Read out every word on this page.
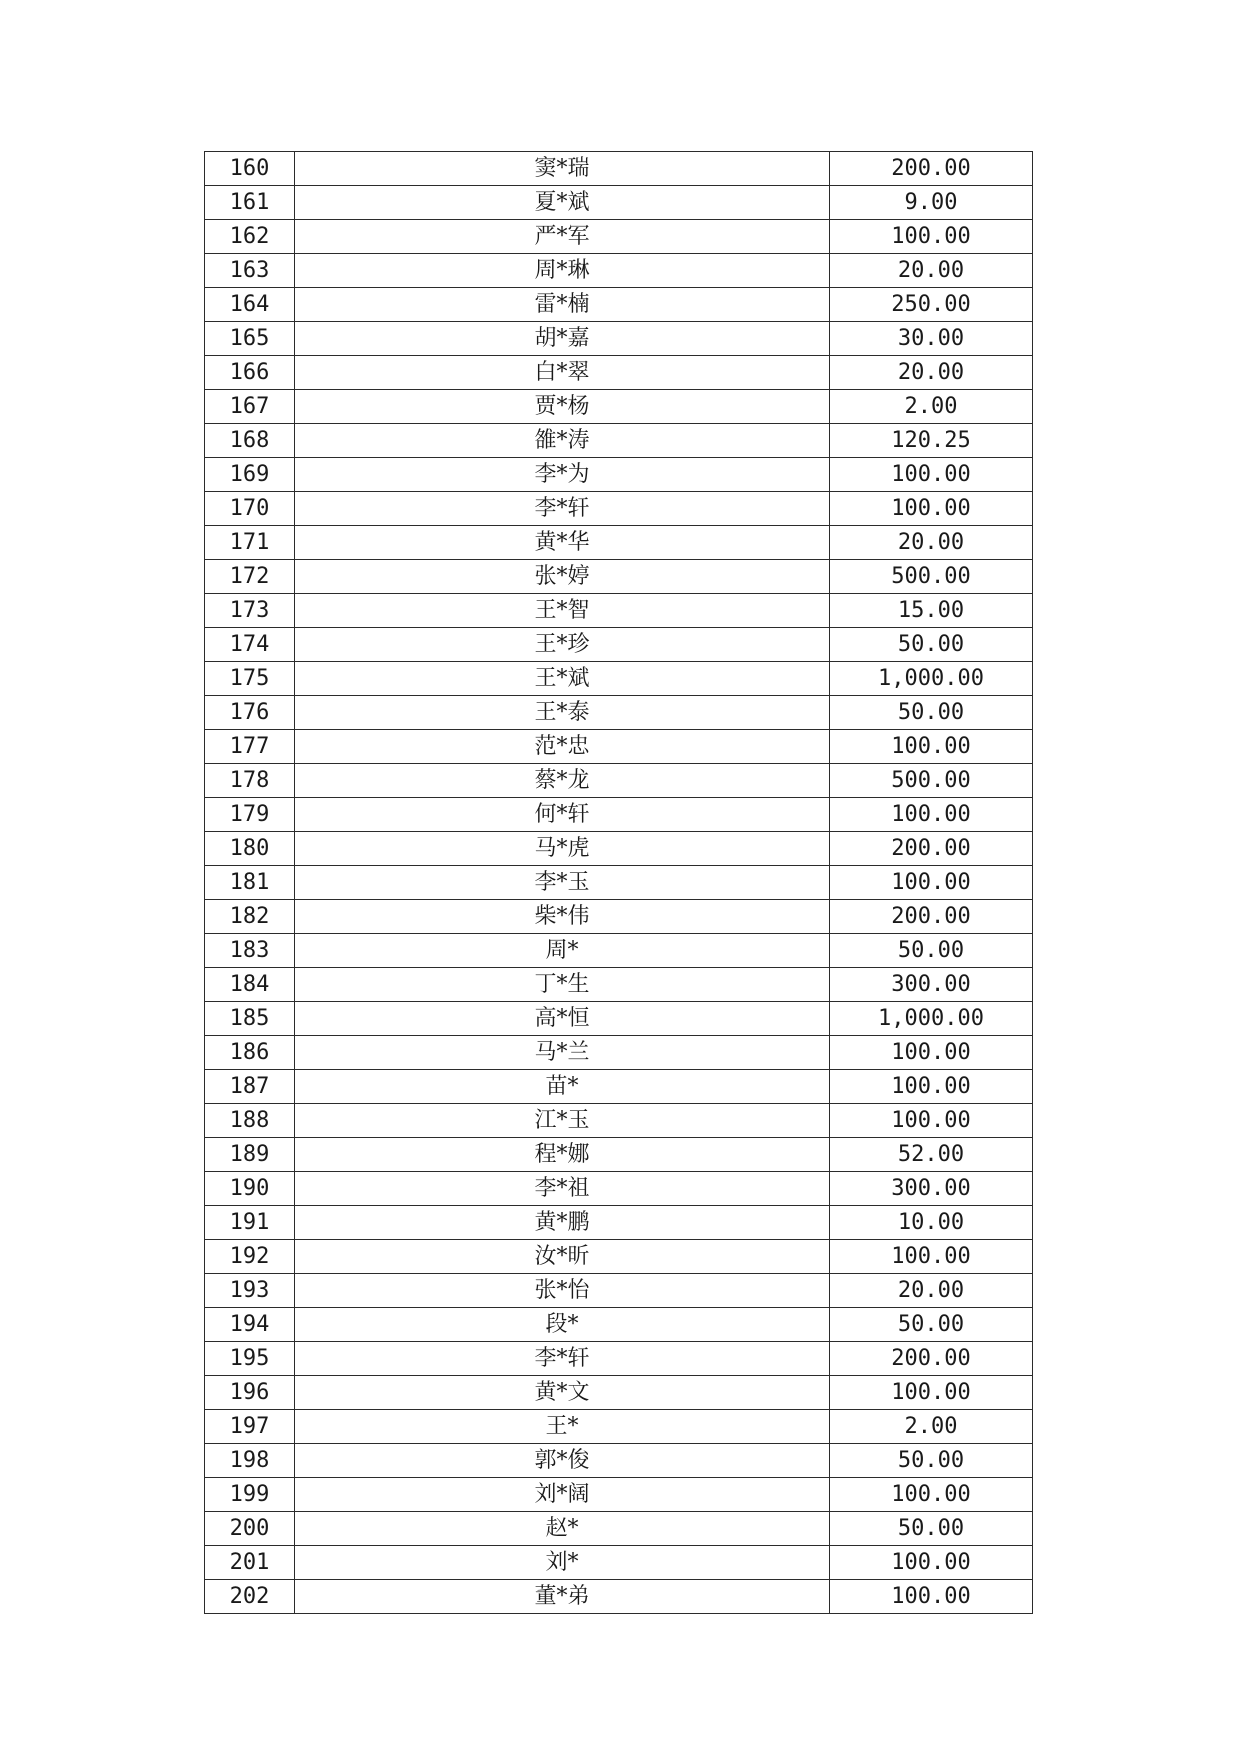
160	窦*瑞	200.00
161	夏*斌	9.00
162	严*军	100.00
163	周*琳	20.00
164	雷*楠	250.00
165	胡*嘉	30.00
166	白*翠	20.00
167	贾*杨	2.00
168	雒*涛	120.25
169	李*为	100.00
170	李*轩	100.00
171	黄*华	20.00
172	张*婷	500.00
173	王*智	15.00
174	王*珍	50.00
175	王*斌	1,000.00
176	王*泰	50.00
177	范*忠	100.00
178	蔡*龙	500.00
179	何*轩	100.00
180	马*虎	200.00
181	李*玉	100.00
182	柴*伟	200.00
183	周*	50.00
184	丁*生	300.00
185	高*恒	1,000.00
186	马*兰	100.00
187	苗*	100.00
188	江*玉	100.00
189	程*娜	52.00
190	李*祖	300.00
191	黄*鹏	10.00
192	汝*昕	100.00
193	张*怡	20.00
194	段*	50.00
195	李*轩	200.00
196	黄*文	100.00
197	王*	2.00
198	郭*俊	50.00
199	刘*阔	100.00
200	赵*	50.00
201	刘*	100.00
202	董*弟	100.00
